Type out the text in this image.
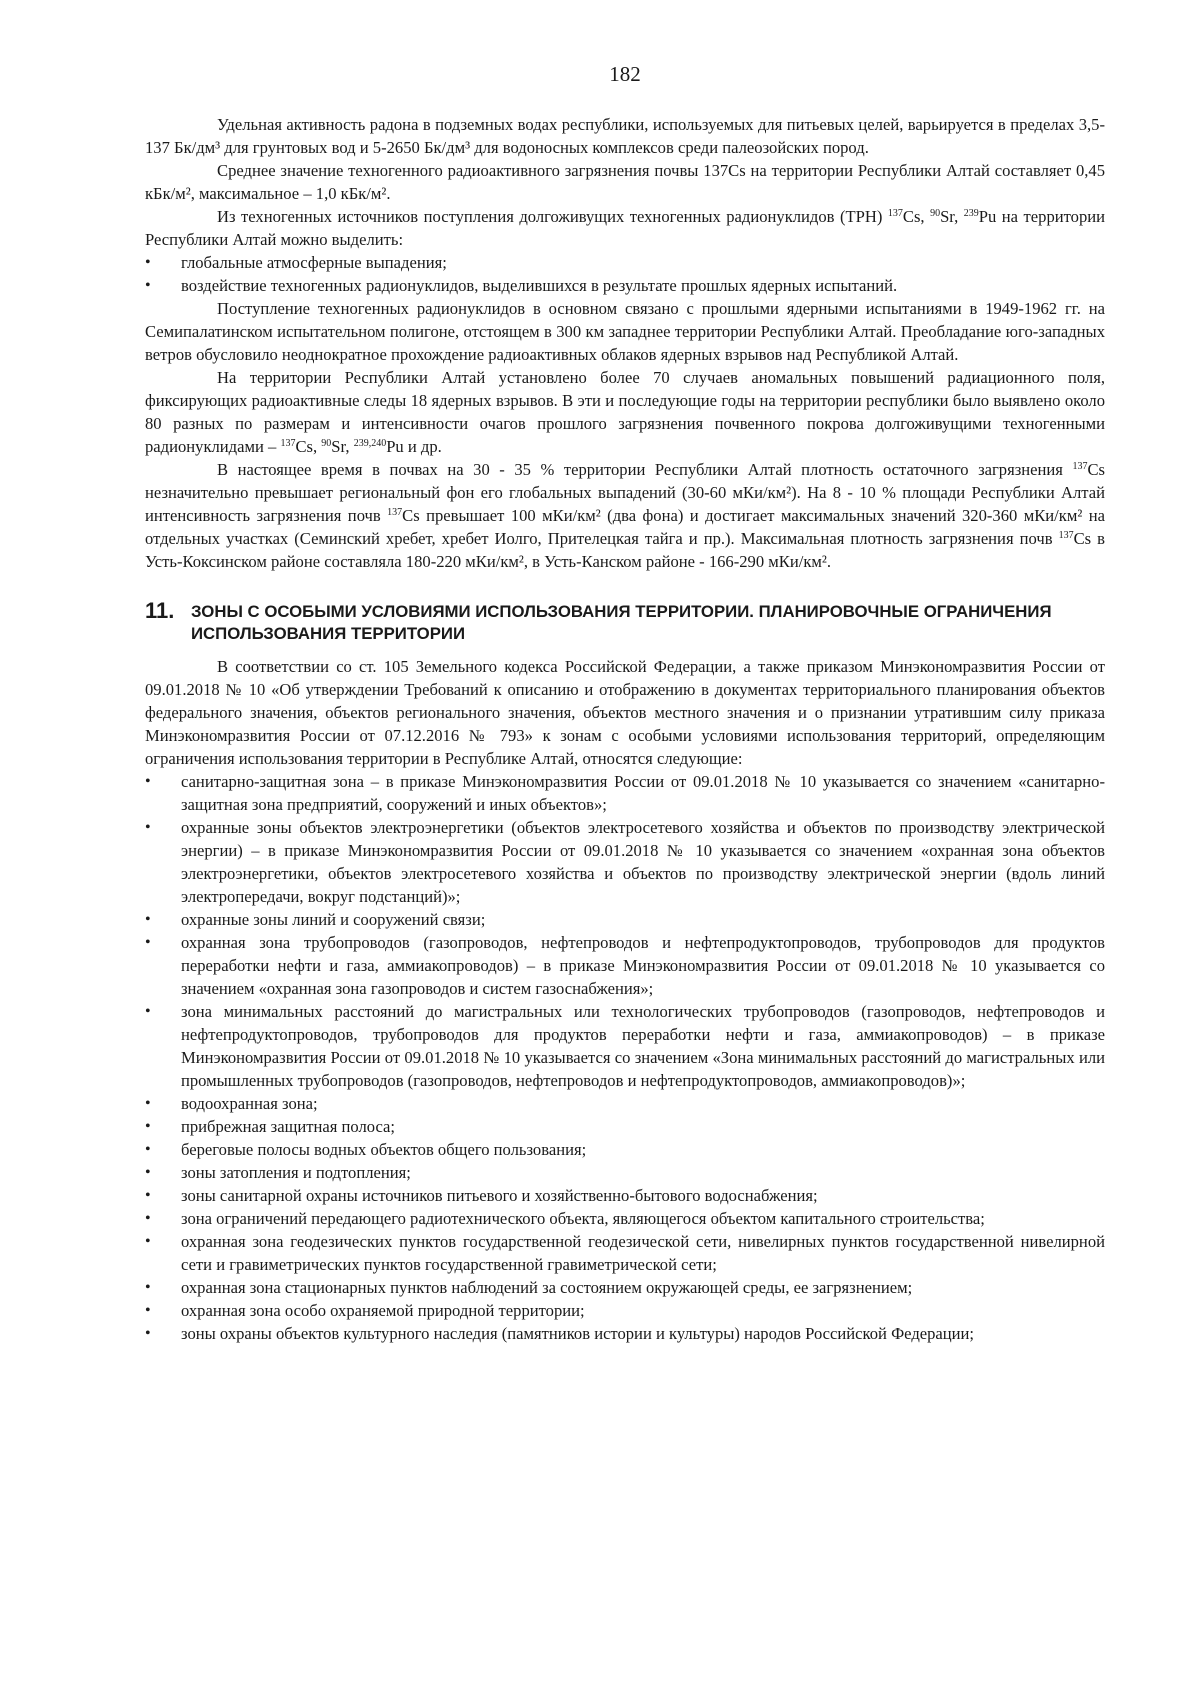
182

Удельная активность радона в подземных водах республики, используемых для питьевых целей, варьируется в пределах 3,5-137 Бк/дм³ для грунтовых вод и 5-2650 Бк/дм³ для водоносных комплексов среди палеозойских пород.

Среднее значение техногенного радиоактивного загрязнения почвы 137Cs на территории Республики Алтай составляет 0,45 кБк/м², максимальное – 1,0 кБк/м².

Из техногенных источников поступления долгоживущих техногенных радионуклидов (ТРН) $^{137}$Cs, $^{90}$Sr, $^{239}$Pu на территории Республики Алтай можно выделить:

• глобальные атмосферные выпадения;
• воздействие техногенных радионуклидов, выделившихся в результате прошлых ядерных испытаний.

Поступление техногенных радионуклидов в основном связано с прошлыми ядерными испытаниями в 1949-1962 гг. на Семипалатинском испытательном полигоне, отстоящем в 300 км западнее территории Республики Алтай. Преобладание юго-западных ветров обусловило неоднократное прохождение радиоактивных облаков ядерных взрывов над Республикой Алтай.

На территории Республики Алтай установлено более 70 случаев аномальных повышений радиационного поля, фиксирующих радиоактивные следы 18 ядерных взрывов. В эти и последующие годы на территории республики было выявлено около 80 разных по размерам и интенсивности очагов прошлого загрязнения почвенного покрова долгоживущими техногенными радионуклидами – $^{137}$Cs, $^{90}$Sr, $^{239,240}$Pu и др.

В настоящее время в почвах на 30 - 35 % территории Республики Алтай плотность остаточного загрязнения $^{137}$Cs незначительно превышает региональный фон его глобальных выпадений (30-60 мКи/км²). На 8 - 10 % площади Республики Алтай интенсивность загрязнения почв $^{137}$Cs превышает 100 мКи/км² (два фона) и достигает максимальных значений 320-360 мКи/км² на отдельных участках (Семинский хребет, хребет Иолго, Прителецкая тайга и пр.). Максимальная плотность загрязнения почв $^{137}$Cs в Усть-Коксинском районе составляла 180-220 мКи/км², в Усть-Канском районе - 166-290 мКи/км².

11. ЗОНЫ С ОСОБЫМИ УСЛОВИЯМИ ИСПОЛЬЗОВАНИЯ ТЕРРИТОРИИ. ПЛАНИРОВОЧНЫЕ ОГРАНИЧЕНИЯ ИСПОЛЬЗОВАНИЯ ТЕРРИТОРИИ

В соответствии со ст. 105 Земельного кодекса Российской Федерации, а также приказом Минэкономразвития России от 09.01.2018 № 10 «Об утверждении Требований к описанию и отображению в документах территориального планирования объектов федерального значения, объектов регионального значения, объектов местного значения и о признании утратившим силу приказа Минэкономразвития России от 07.12.2016 № 793» к зонам с особыми условиями использования территорий, определяющим ограничения использования территории в Республике Алтай, относятся следующие:

• санитарно-защитная зона – в приказе Минэкономразвития России от 09.01.2018 № 10 указывается со значением «санитарно-защитная зона предприятий, сооружений и иных объектов»;
• охранные зоны объектов электроэнергетики (объектов электросетевого хозяйства и объектов по производству электрической энергии) – в приказе Минэкономразвития России от 09.01.2018 № 10 указывается со значением «охранная зона объектов электроэнергетики, объектов электросетевого хозяйства и объектов по производству электрической энергии (вдоль линий электропередачи, вокруг подстанций)»;
• охранные зоны линий и сооружений связи;
• охранная зона трубопроводов (газопроводов, нефтепроводов и нефтепродуктопроводов, трубопроводов для продуктов переработки нефти и газа, аммиакопроводов) – в приказе Минэкономразвития России от 09.01.2018 № 10 указывается со значением «охранная зона газопроводов и систем газоснабжения»;
• зона минимальных расстояний до магистральных или технологических трубопроводов (газопроводов, нефтепроводов и нефтепродуктопроводов, трубопроводов для продуктов переработки нефти и газа, аммиакопроводов) – в приказе Минэкономразвития России от 09.01.2018 № 10 указывается со значением «Зона минимальных расстояний до магистральных или промышленных трубопроводов (газопроводов, нефтепроводов и нефтепродуктопроводов, аммиакопроводов)»;
• водоохранная зона;
• прибрежная защитная полоса;
• береговые полосы водных объектов общего пользования;
• зоны затопления и подтопления;
• зоны санитарной охраны источников питьевого и хозяйственно-бытового водоснабжения;
• зона ограничений передающего радиотехнического объекта, являющегося объектом капитального строительства;
• охранная зона геодезических пунктов государственной геодезической сети, нивелирных пунктов государственной нивелирной сети и гравиметрических пунктов государственной гравиметрической сети;
• охранная зона стационарных пунктов наблюдений за состоянием окружающей среды, ее загрязнением;
• охранная зона особо охраняемой природной территории;
• зоны охраны объектов культурного наследия (памятников истории и культуры) народов Российской Федерации;
